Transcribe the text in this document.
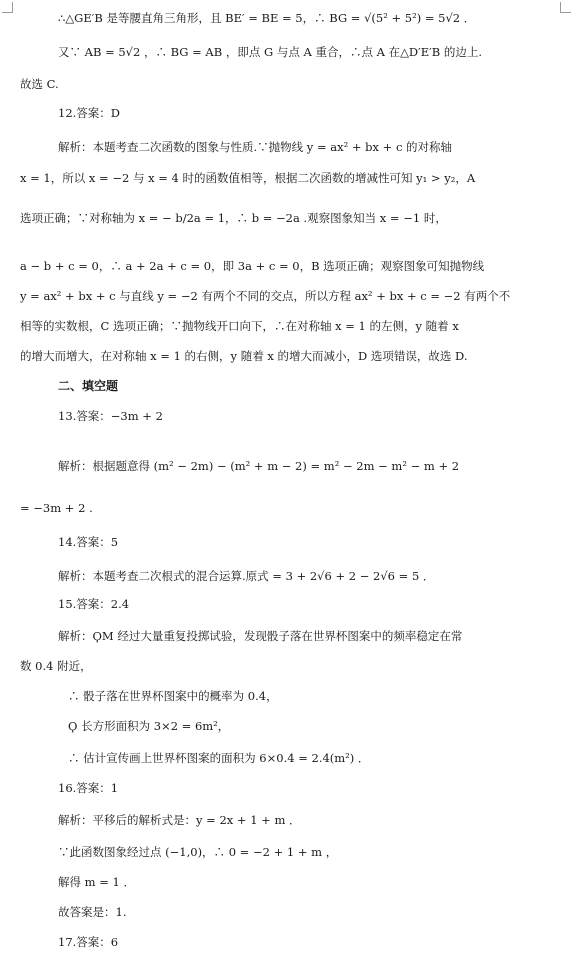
∴△GE′B 是等腰直角三角形，且 BE′ = BE = 5，∴ BG = √(5² + 5²) = 5√2 ．
又∵ AB = 5√2 ，∴ BG = AB ，即点 G 与点 A 重合，∴点 A 在△D′E′B 的边上.
故选 C.
12.答案：D
解析：本题考查二次函数的图象与性质.∵抛物线 y = ax² + bx + c 的对称轴
x = 1，所以 x = −2 与 x = 4 时的函数值相等，根据二次函数的增减性可知 y₁ > y₂，A
选项正确；∵对称轴为 x = − b/2a = 1，∴ b = −2a .观察图象知当 x = −1 时，
a − b + c = 0，∴ a + 2a + c = 0，即 3a + c = 0，B 选项正确；观察图象可知抛物线
y = ax² + bx + c 与直线 y = −2 有两个不同的交点，所以方程 ax² + bx + c = −2 有两个不
相等的实数根，C 选项正确；∵抛物线开口向下，∴在对称轴 x = 1 的左侧，y 随着 x
的增大而增大，在对称轴 x = 1 的右侧，y 随着 x 的增大而减小，D 选项错误，故选 D.
二、填空题
13.答案：−3m + 2
解析：根据题意得 (m² − 2m) − (m² + m − 2) = m² − 2m − m² − m + 2
= −3m + 2 .
14.答案：5
解析：本题考查二次根式的混合运算.原式 = 3 + 2√6 + 2 − 2√6 = 5 ．
15.答案：2.4
解析：ϘM 经过大量重复投掷试验，发现骰子落在世界杯图案中的频率稳定在常
数 0.4 附近，
∴ 骰子落在世界杯图案中的概率为 0.4，
Ϙ 长方形面积为 3×2 = 6m²，
∴ 估计宣传画上世界杯图案的面积为 6×0.4 = 2.4(m²) ．
16.答案：1
解析：平移后的解析式是：y = 2x + 1 + m ．
∵此函数图象经过点 (−1,0)，∴ 0 = −2 + 1 + m ，
解得 m = 1 ．
故答案是：1.
17.答案：6
